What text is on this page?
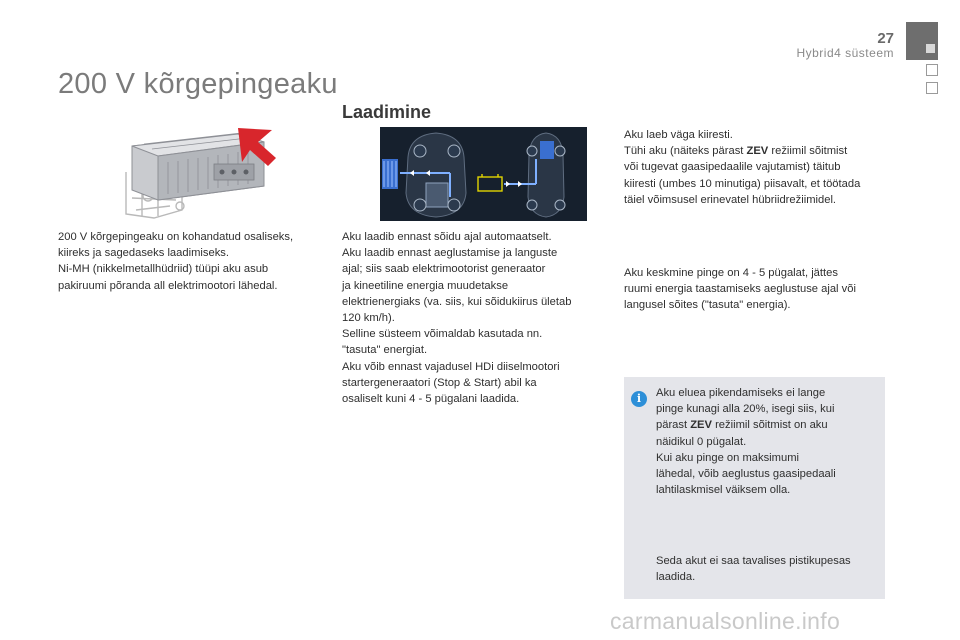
27
Hybrid4 süsteem
200 V kõrgepingeaku
Laadimine

200 V kõrgepingeaku on kohandatud osaliseks,

kiireks ja sagedaseks laadimiseks.

Ni-MH (nikkelmetallhüdriid) tüüpi aku asub

pakiruumi põranda all elektrimootori lähedal.

Aku laadib ennast sõidu ajal automaatselt.

Aku laadib ennast aeglustamise ja languste

ajal; siis saab elektrimootorist generaator

ja kineetiline energia muudetakse

elektrienergiaks (va. siis, kui sõidukiirus ületab

120 km/h).

Selline süsteem võimaldab kasutada nn.

"tasuta" energiat.

Aku võib ennast vajadusel HDi diiselmootori

startergeneraatori (Stop & Start) abil ka

osaliselt kuni 4 - 5 pügalani laadida.

Aku laeb väga kiiresti.

Tühi aku (näiteks pärast ZEV režiimil sõitmist

või tugevat gaasipedaalile vajutamist) täitub

kiiresti (umbes 10 minutiga) piisavalt, et töötada

täiel võimsusel erinevatel hübriidrežiimidel.

Aku keskmine pinge on 4 - 5 pügalat, jättes

ruumi energia taastamiseks aeglustuse ajal või

langusel sõites ("tasuta" energia).

i	Aku eluea pikendamiseks ei lange

pinge kunagi alla 20%, isegi siis, kui

pärast ZEV režiimil sõitmist on aku

näidikul 0 pügalat.

Kui aku pinge on maksimumi

lähedal, võib aeglustus gaasipedaali

lahtilaskmisel väiksem olla.

Seda akut ei saa tavalises pistikupesas

laadida.

carmanualsonline.info
